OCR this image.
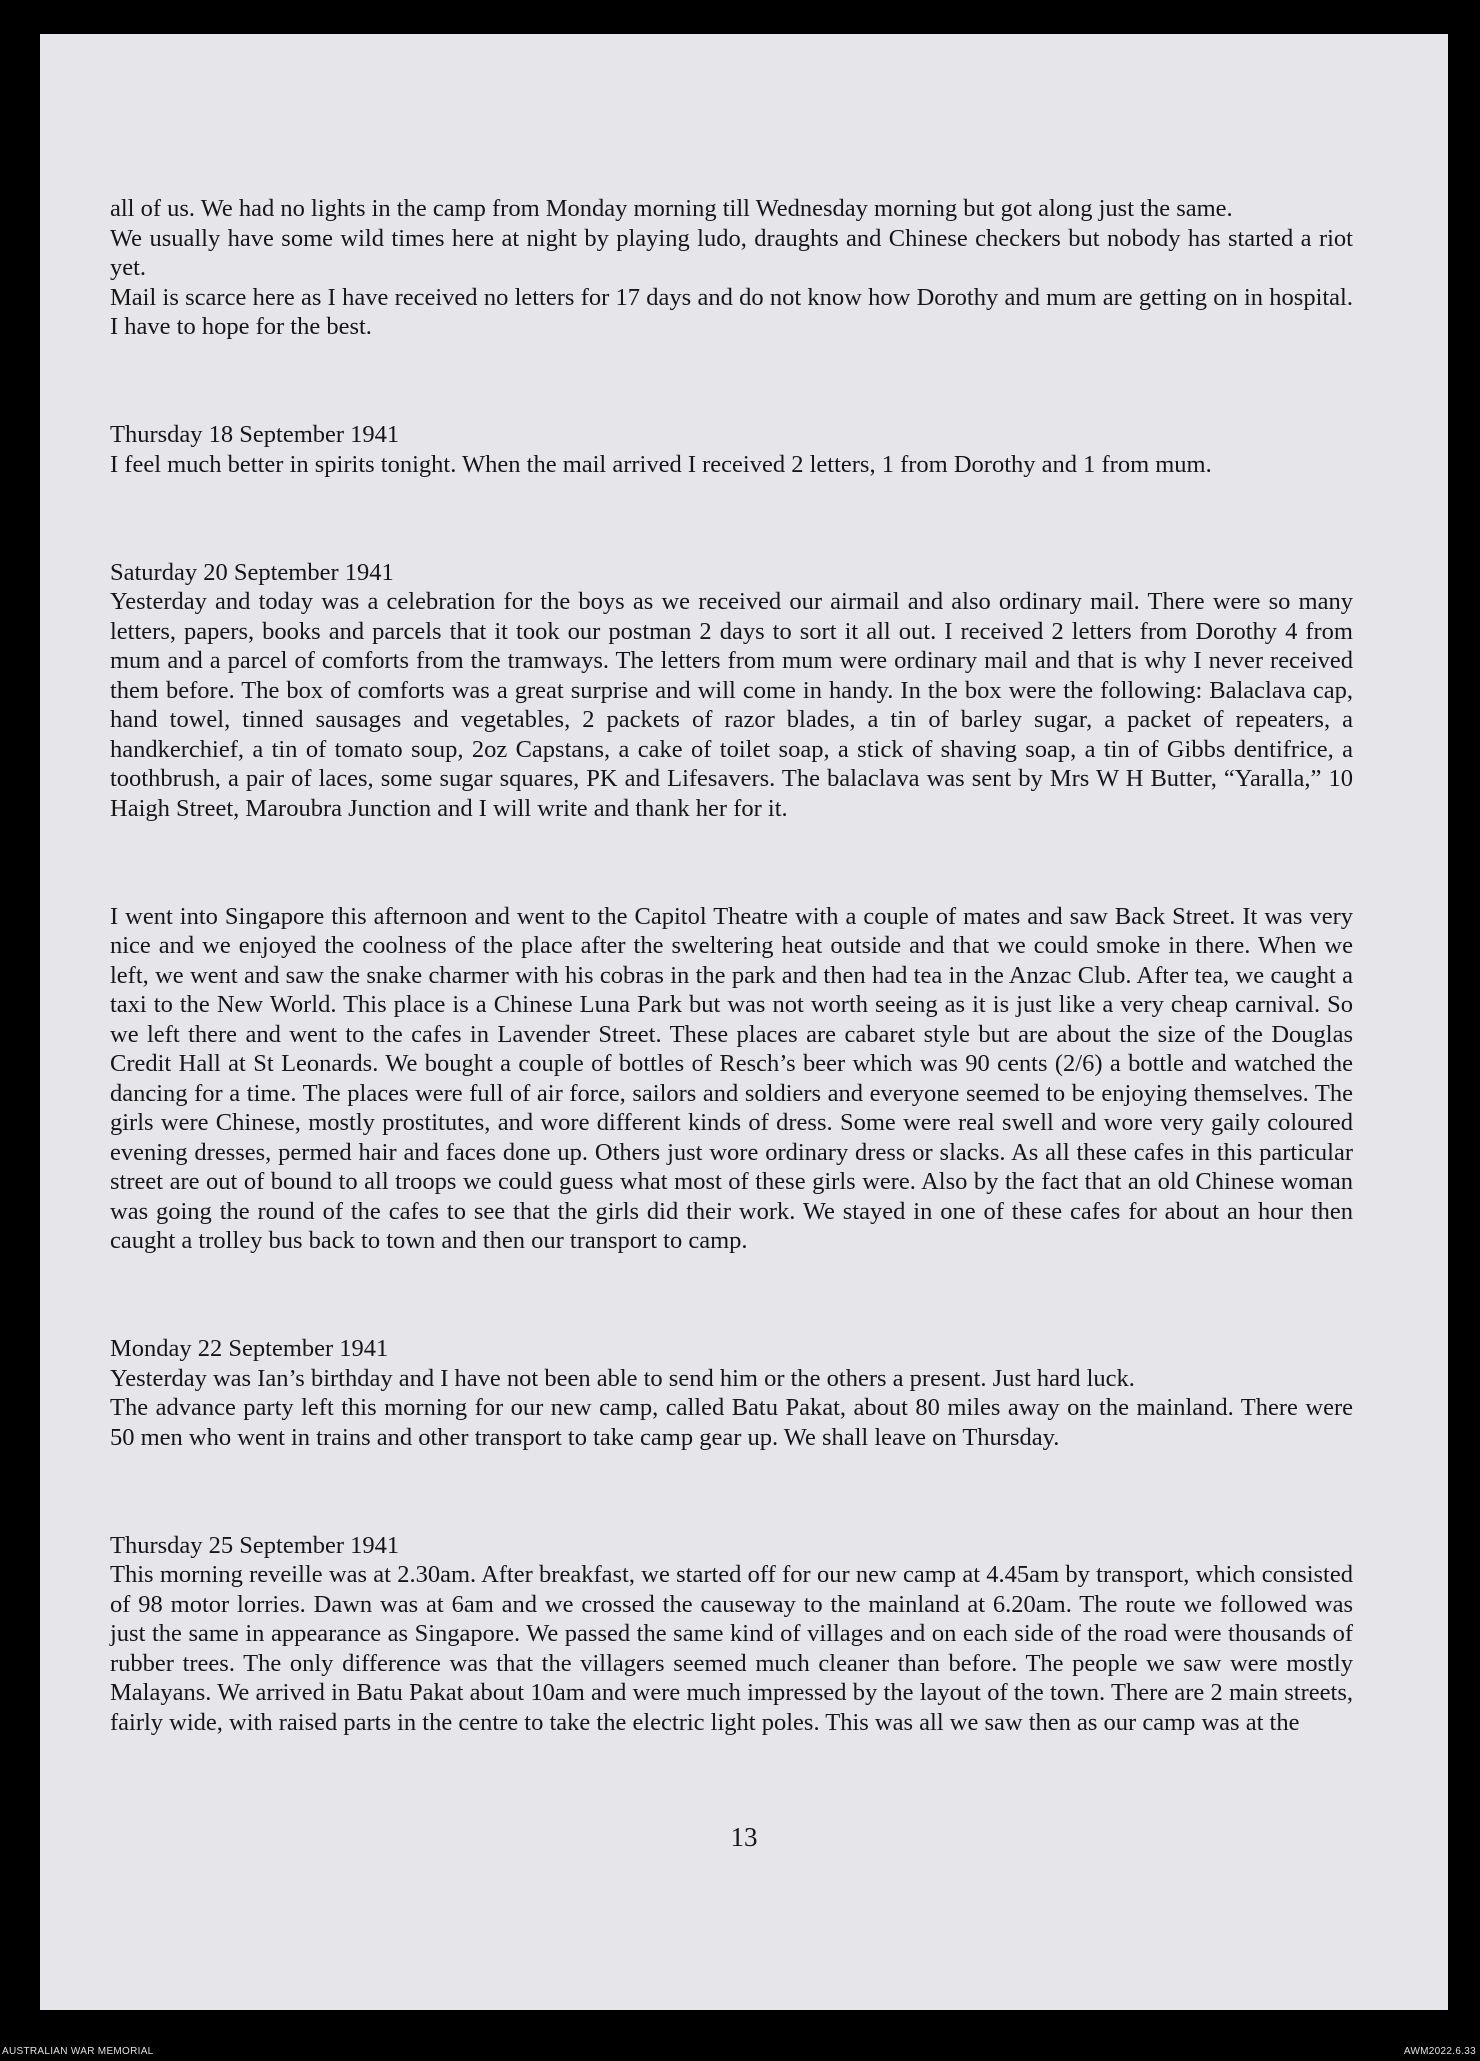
all of us. We had no lights in the camp from Monday morning till Wednesday morning but got along just the same.

We usually have some wild times here at night by playing ludo, draughts and Chinese checkers but nobody has started a riot yet.

Mail is scarce here as I have received no letters for 17 days and do not know how Dorothy and mum are getting on in hospital. I have to hope for the best.

Thursday 18 September 1941

I feel much better in spirits tonight. When the mail arrived I received 2 letters, 1 from Dorothy and 1 from mum.

Saturday 20 September 1941

Yesterday and today was a celebration for the boys as we received our airmail and also ordinary mail. There were so many letters, papers, books and parcels that it took our postman 2 days to sort it all out. I received 2 letters from Dorothy 4 from mum and a parcel of comforts from the tramways. The letters from mum were ordinary mail and that is why I never received them before. The box of comforts was a great surprise and will come in handy. In the box were the following: Balaclava cap, hand towel, tinned sausages and vegetables, 2 packets of razor blades, a tin of barley sugar, a packet of repeaters, a handkerchief, a tin of tomato soup, 2oz Capstans, a cake of toilet soap, a stick of shaving soap, a tin of Gibbs dentifrice, a toothbrush, a pair of laces, some sugar squares, PK and Lifesavers. The balaclava was sent by Mrs W H Butter, “Yaralla,” 10 Haigh Street, Maroubra Junction and I will write and thank her for it.

I went into Singapore this afternoon and went to the Capitol Theatre with a couple of mates and saw Back Street. It was very nice and we enjoyed the coolness of the place after the sweltering heat outside and that we could smoke in there. When we left, we went and saw the snake charmer with his cobras in the park and then had tea in the Anzac Club. After tea, we caught a taxi to the New World. This place is a Chinese Luna Park but was not worth seeing as it is just like a very cheap carnival. So we left there and went to the cafes in Lavender Street. These places are cabaret style but are about the size of the Douglas Credit Hall at St Leonards. We bought a couple of bottles of Resch’s beer which was 90 cents (2/6) a bottle and watched the dancing for a time. The places were full of air force, sailors and soldiers and everyone seemed to be enjoying themselves. The girls were Chinese, mostly prostitutes, and wore different kinds of dress. Some were real swell and wore very gaily coloured evening dresses, permed hair and faces done up. Others just wore ordinary dress or slacks. As all these cafes in this particular street are out of bound to all troops we could guess what most of these girls were. Also by the fact that an old Chinese woman was going the round of the cafes to see that the girls did their work. We stayed in one of these cafes for about an hour then caught a trolley bus back to town and then our transport to camp.

Monday 22 September 1941

Yesterday was Ian’s birthday and I have not been able to send him or the others a present. Just hard luck.

The advance party left this morning for our new camp, called Batu Pakat, about 80 miles away on the mainland. There were 50 men who went in trains and other transport to take camp gear up. We shall leave on Thursday.

Thursday 25 September 1941

This morning reveille was at 2.30am. After breakfast, we started off for our new camp at 4.45am by transport, which consisted of 98 motor lorries. Dawn was at 6am and we crossed the causeway to the mainland at 6.20am. The route we followed was just the same in appearance as Singapore. We passed the same kind of villages and on each side of the road were thousands of rubber trees. The only difference was that the villagers seemed much cleaner than before. The people we saw were mostly Malayans. We arrived in Batu Pakat about 10am and were much impressed by the layout of the town. There are 2 main streets, fairly wide, with raised parts in the centre to take the electric light poles. This was all we saw then as our camp was at the

13
AUSTRALIAN WAR MEMORIAL	AWM2022.6.33
